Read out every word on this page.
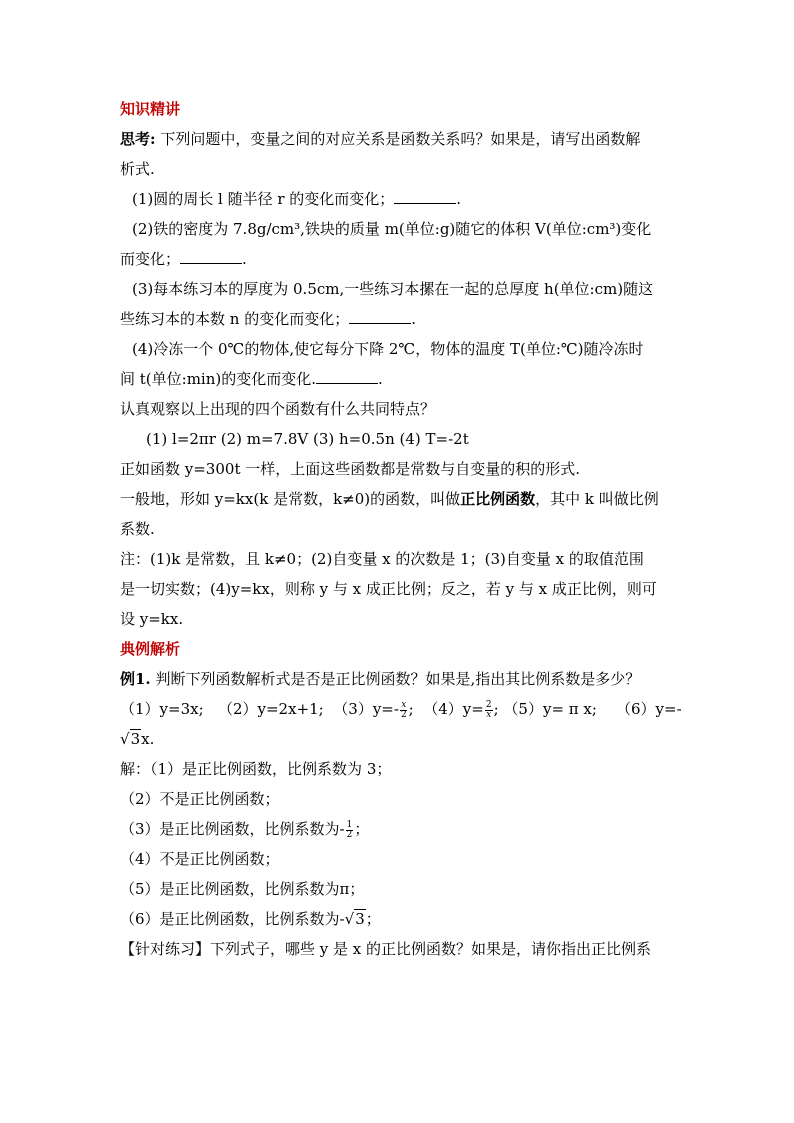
知识精讲
思考: 下列问题中，变量之间的对应关系是函数关系吗？如果是，请写出函数解
析式.
(1)圆的周长 l 随半径 r 的变化而变化；	.
(2)铁的密度为 7.8g/cm³,铁块的质量 m(单位:g)随它的体积 V(单位:cm³)变化
而变化；	.
(3)每本练习本的厚度为 0.5cm,一些练习本摞在一起的总厚度 h(单位:cm)随这
些练习本的本数 n 的变化而变化；	.
(4)冷冻一个 0℃的物体,使它每分下降 2℃，物体的温度 T(单位:℃)随冷冻时
间 t(单位:min)的变化而变化.	.
认真观察以上出现的四个函数有什么共同特点？
(1) l=2πr (2) m=7.8V (3) h=0.5n (4) T=-2t
正如函数 y=300t 一样，上面这些函数都是常数与自变量的积的形式.
一般地，形如 y=kx(k 是常数，k≠0)的函数，叫做正比例函数，其中 k 叫做比例
系数.
注：(1)k 是常数，且 k≠0；(2)自变量 x 的次数是 1；(3)自变量 x 的取值范围
是一切实数；(4)y=kx，则称 y 与 x 成正比例；反之，若 y 与 x 成正比例，则可
设 y=kx.
典例解析
例1. 判断下列函数解析式是否是正比例函数？如果是,指出其比例系数是多少？
（1）y=3x; （2）y=2x+1; $(3)y=- \frac{x}{2}$ ;  $(4)y= \frac{2}{x}$ ; （5）y= π x; （6）y=-
√3x.
解：（1）是正比例函数，比例系数为 3；
（2）不是正比例函数；
（3）是正比例函数，比例系数为- $\frac{1}{2}$ ；
（4）不是正比例函数；
（5）是正比例函数，比例系数为π；
（6）是正比例函数，比例系数为-√3；
【针对练习】下列式子，哪些 y 是 x 的正比例函数？如果是，请你指出正比例系
